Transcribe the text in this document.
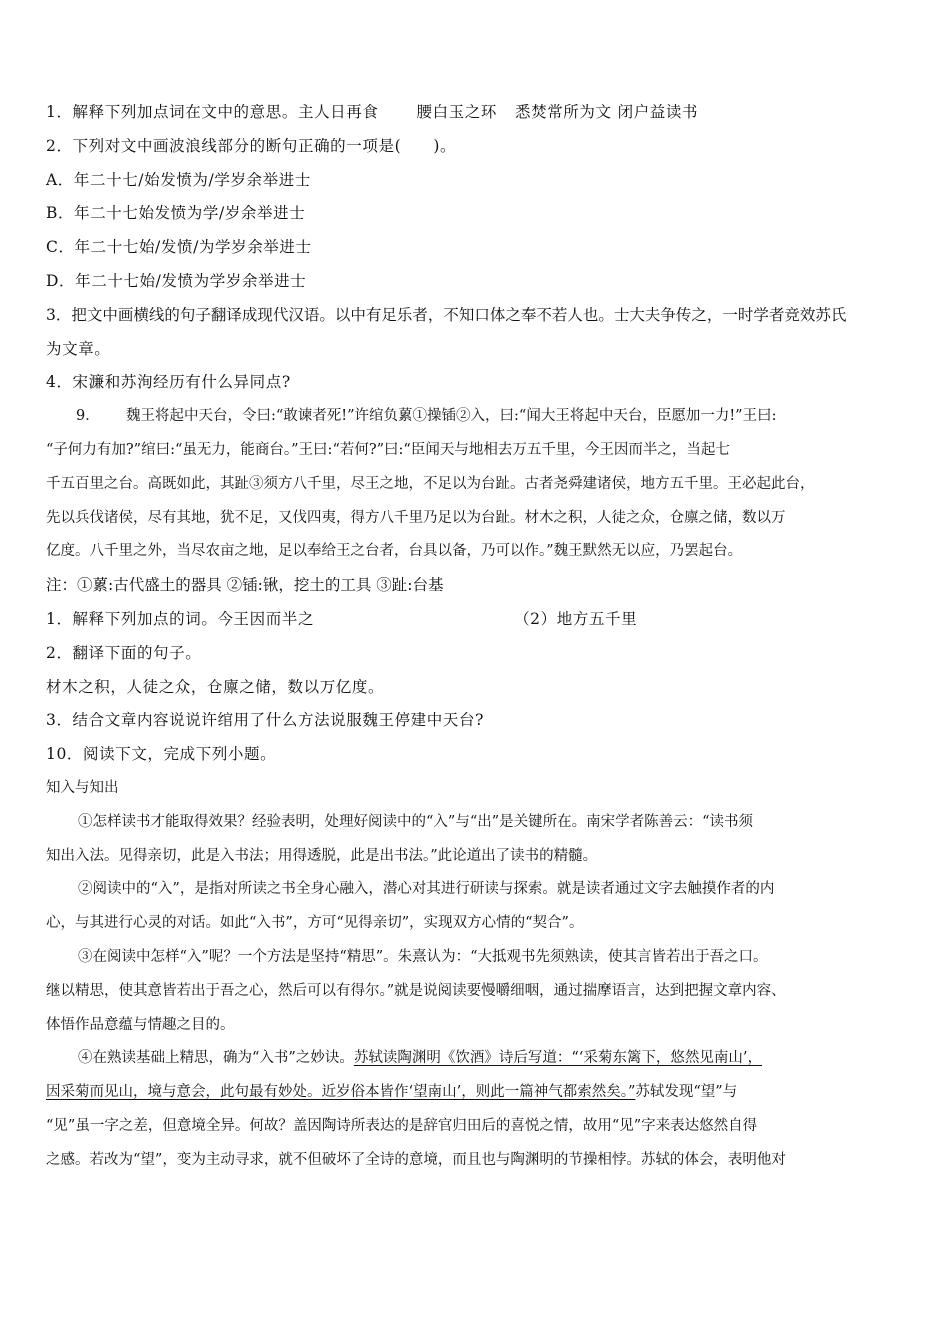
1．解释下列加点词在文中的意思。主人日再食 腰白玉之环 悉焚常所为文 闭户益读书
2．下列对文中画波浪线部分的断句正确的一项是(　　)。
A．年二十七/始发愤为/学岁余举进士
B．年二十七始发愤为学/岁余举进士
C．年二十七始/发愤/为学岁余举进士
D．年二十七始/发愤为学岁余举进士
3．把文中画横线的句子翻译成现代汉语。以中有足乐者，不知口体之奉不若人也。士大夫争传之，一时学者竞效苏氏
为文章。
4．宋濂和苏洵经历有什么异同点?
9． 魏王将起中天台，令曰:“敢谏者死!”许绾负蔂①操锸②入，曰:“闻大王将起中天台，臣愿加一力!”王曰:
“子何力有加?”绾曰:“虽无力，能商台。”王曰:“若何?”曰:“臣闻天与地相去万五千里，今王因而半之，当起七
千五百里之台。高既如此，其趾③须方八千里，尽王之地，不足以为台趾。古者尧舜建诸侯，地方五千里。王必起此台，
先以兵伐诸侯，尽有其地，犹不足，又伐四夷，得方八千里乃足以为台趾。材木之积，人徒之众，仓廪之储，数以万
亿度。八千里之外，当尽农亩之地，足以奉给王之台者，台具以备，乃可以作。”魏王默然无以应，乃罢起台。
注：①蔂:古代盛土的器具 ②锸:锹，挖土的工具 ③趾:台基
1．解释下列加点的词。今王因而半之	（2）地方五千里
2．翻译下面的句子。
材木之积，人徒之众，仓廪之储，数以万亿度。
3．结合文章内容说说许绾用了什么方法说服魏王停建中天台?
10．阅读下文，完成下列小题。
知入与知出
①怎样读书才能取得效果？经验表明，处理好阅读中的“入”与“出”是关键所在。南宋学者陈善云：“读书须
知出入法。见得亲切，此是入书法；用得透脱，此是出书法。”此论道出了读书的精髓。
②阅读中的“入”，是指对所读之书全身心融入，潜心对其进行研读与探索。就是读者通过文字去触摸作者的内
心，与其进行心灵的对话。如此“入书”，方可“见得亲切”，实现双方心情的“契合”。
③在阅读中怎样“入”呢？一个方法是坚持“精思”。朱熹认为：“大抵观书先须熟读，使其言皆若出于吾之口。
继以精思，使其意皆若出于吾之心，然后可以有得尔。”就是说阅读要慢嚼细咽，通过揣摩语言，达到把握文章内容、
体悟作品意蕴与情趣之目的。
④在熟读基础上精思，确为“入书”之妙诀。苏轼读陶渊明《饮酒》诗后写道：“‘采菊东篱下，悠然见南山’，
因采菊而见山，境与意会，此句最有妙处。近岁俗本皆作‘望南山’，则此一篇神气都索然矣。”苏轼发现“望”与
“见”虽一字之差，但意境全异。何故？盖因陶诗所表达的是辞官归田后的喜悦之情，故用“见”字来表达悠然自得
之感。若改为“望”，变为主动寻求，就不但破坏了全诗的意境，而且也与陶渊明的节操相悖。苏轼的体会，表明他对
